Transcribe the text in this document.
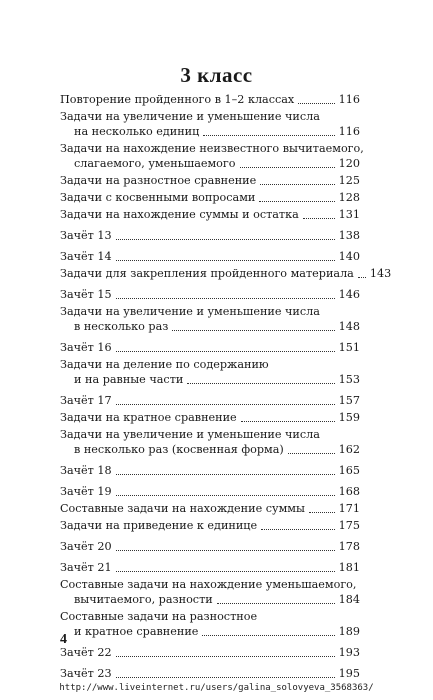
3 класс
Повторение пройденного в 1–2 классах	116
Задачи на увеличение и уменьшение числа
на несколько единиц	116
Задачи на нахождение неизвестного вычитаемого,
слагаемого, уменьшаемого	120
Задачи на разностное сравнение	125
Задачи с косвенными вопросами	128
Задачи на нахождение суммы и остатка	131
Зачёт 13	138
Зачёт 14	140
Задачи для закрепления пройденного материала 143
Зачёт 15	146
Задачи на увеличение и уменьшение числа
в несколько раз	148
Зачёт 16	151
Задачи на деление по содержанию
и на равные части	153
Зачёт 17	157
Задачи на кратное сравнение	159
Задачи на увеличение и уменьшение числа
в несколько раз (косвенная форма)	162
Зачёт 18	165
Зачёт 19	168
Составные задачи на нахождение суммы	171
Задачи на приведение к единице	175
Зачёт 20	178
Зачёт 21	181
Составные задачи на нахождение уменьшаемого,
вычитаемого, разности	184
Составные задачи на разностное
и кратное сравнение	189
Зачёт 22	193
Зачёт 23	195
4
http://www.liveinternet.ru/users/galina_solovyeva_3568363/
